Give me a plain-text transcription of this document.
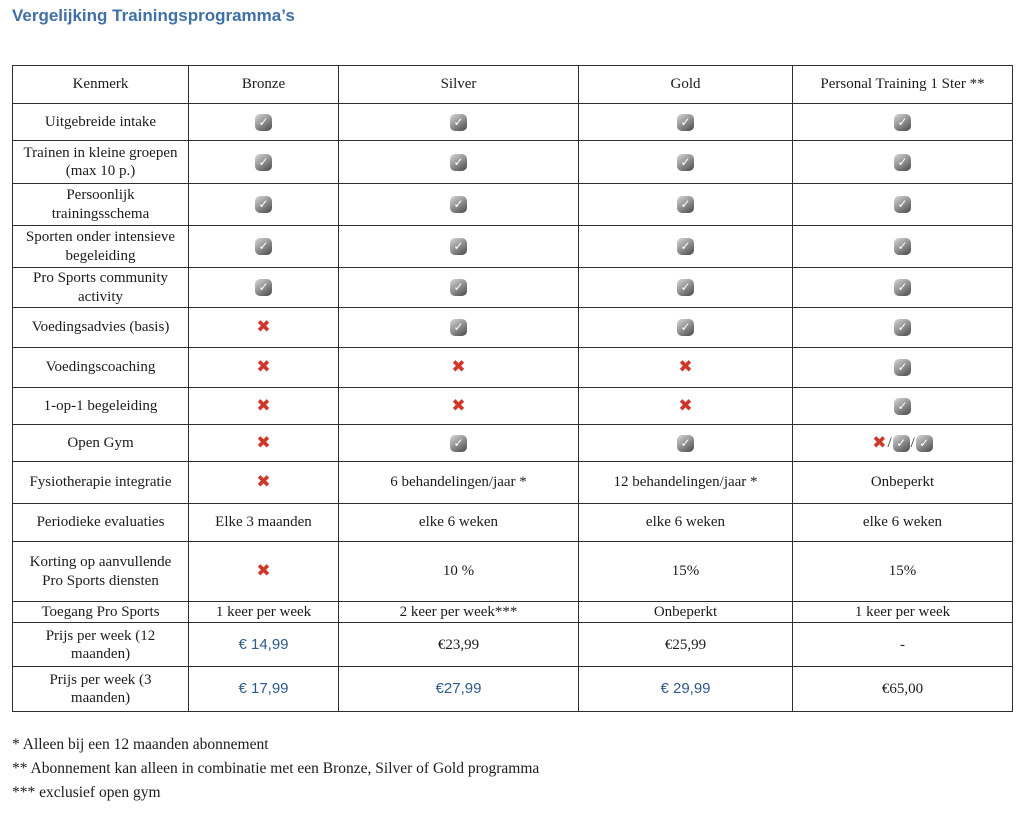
Vergelijking Trainingsprogramma’s
Kenmerk	Bronze	Silver	Gold	Personal Training 1 Ster **
Uitgebreide intake	✓	✓	✓	✓
Trainen in kleine groepen (max 10 p.)	✓	✓	✓	✓
Persoonlijk trainingsschema	✓	✓	✓	✓
Sporten onder intensieve begeleiding	✓	✓	✓	✓
Pro Sports community activity	✓	✓	✓	✓
Voedingsadvies (basis)	✖	✓	✓	✓
Voedingscoaching	✖	✖	✖	✓
1-op-1 begeleiding	✖	✖	✖	✓
Open Gym	✖	✓	✓	✖/ ✓ / ✓
Fysiotherapie integratie	✖	6 behandelingen/jaar *	12 behandelingen/jaar *	Onbeperkt
Periodieke evaluaties	Elke 3 maanden	elke 6 weken	elke 6 weken	elke 6 weken
Korting op aanvullende Pro Sports diensten	✖	10 %	15%	15%
Toegang Pro Sports	1 keer per week	2 keer per week***	Onbeperkt	1 keer per week
Prijs per week (12 maanden)	€ 14,99	€23,99	€25,99	-
Prijs per week (3 maanden)	€ 17,99	€27,99	€ 29,99	€65,00

* Alleen bij een 12 maanden abonnement

** Abonnement kan alleen in combinatie met een Bronze, Silver of Gold programma

*** exclusief open gym
